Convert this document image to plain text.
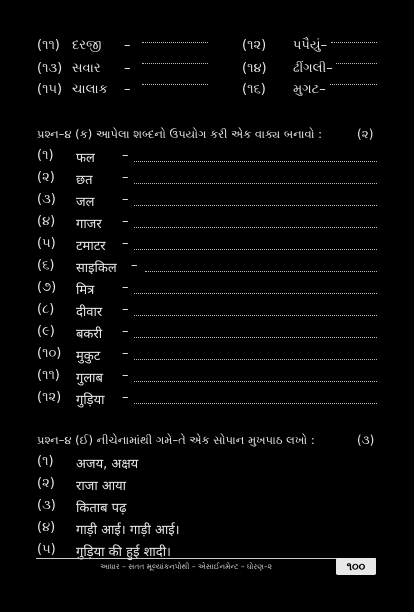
(૧૧) દરજી –	(૧૨) પપૈયું–
(૧૩) સવાર –	(૧૪) ઢીંગલી–
(૧૫) ચાલાક –	(૧૬) મુગટ–
પ્રશ્ન–૪ (ક) આપેલા શબ્દનો ઉપયોગ કરી એક વાક્ય બનાવો :	(૨)
(૧) फल –
(૨) छत –
(૩) जल –
(૪) गाजर –
(૫) टमाटर –
(૬) साइकिल –
(૭) मित्र –
(૮) दीवार –
(૯) बकरी –
(૧૦) मुकुट –
(૧૧) गुलाब –
(૧૨) गुड़िया –
પ્રશ્ન–૪ (ઈ) નીચેનામાંથી ગમે–તે એક સોપાન મુખપાઠ લખો :	(૩)
(૧) अजय, अक्षय
(૨) राजा आया
(૩) किताब पढ़
(૪) गाड़ी आई। गाड़ी आई।
(૫) गुड़िया की हुई शादी।
આધાર – સતત મૂલ્યાંકનપોથી – એસાઈનમેન્ટ – ધોરણ–૨	૧૦૦
